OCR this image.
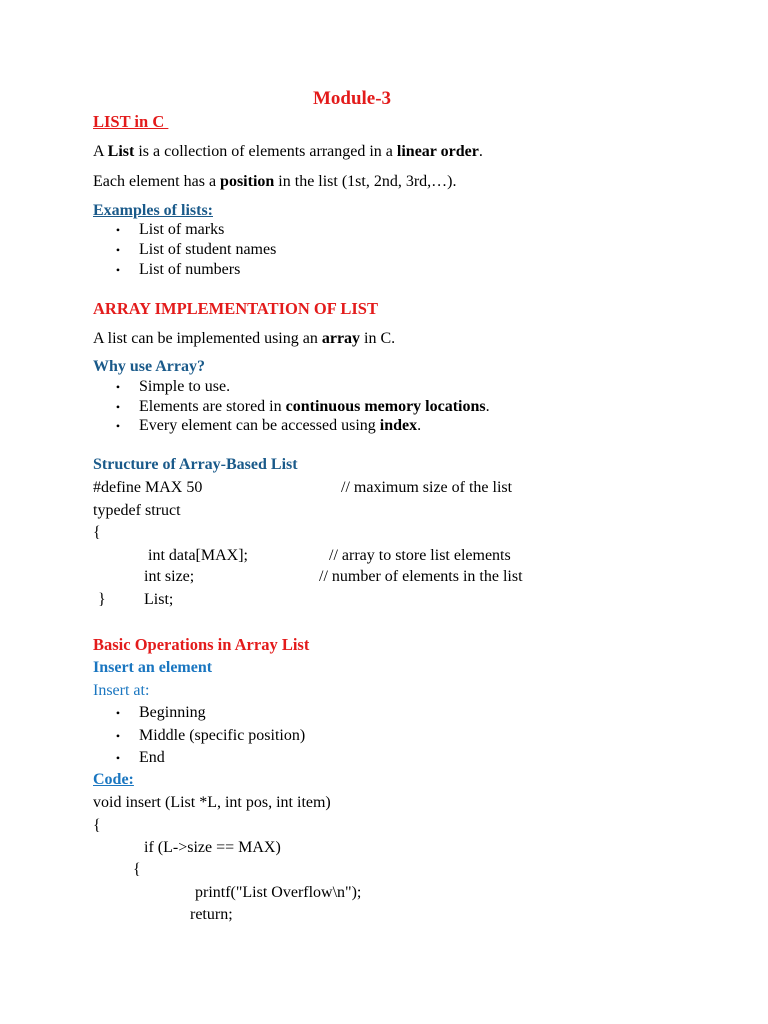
Module-3
LIST in C
A List is a collection of elements arranged in a linear order.
Each element has a position in the list (1st, 2nd, 3rd,…).
Examples of lists:
•
List of marks
•
List of student names
•
List of numbers
ARRAY IMPLEMENTATION OF LIST
A list can be implemented using an array in C.
Why use Array?
•
Simple to use.
•
Elements are stored in continuous memory locations.
•
Every element can be accessed using index.
Structure of Array-Based List
#define MAX 50	// maximum size of the list
typedef struct
{
int data[MAX];	// array to store list elements
int size;	// number of elements in the list
} List;
Basic Operations in Array List
Insert an element
Insert at:
•
Beginning
•
Middle (specific position)
•
End
Code:
void insert (List *L, int pos, int item)
{
if (L->size == MAX)
{
printf("List Overflow\n");
return;
